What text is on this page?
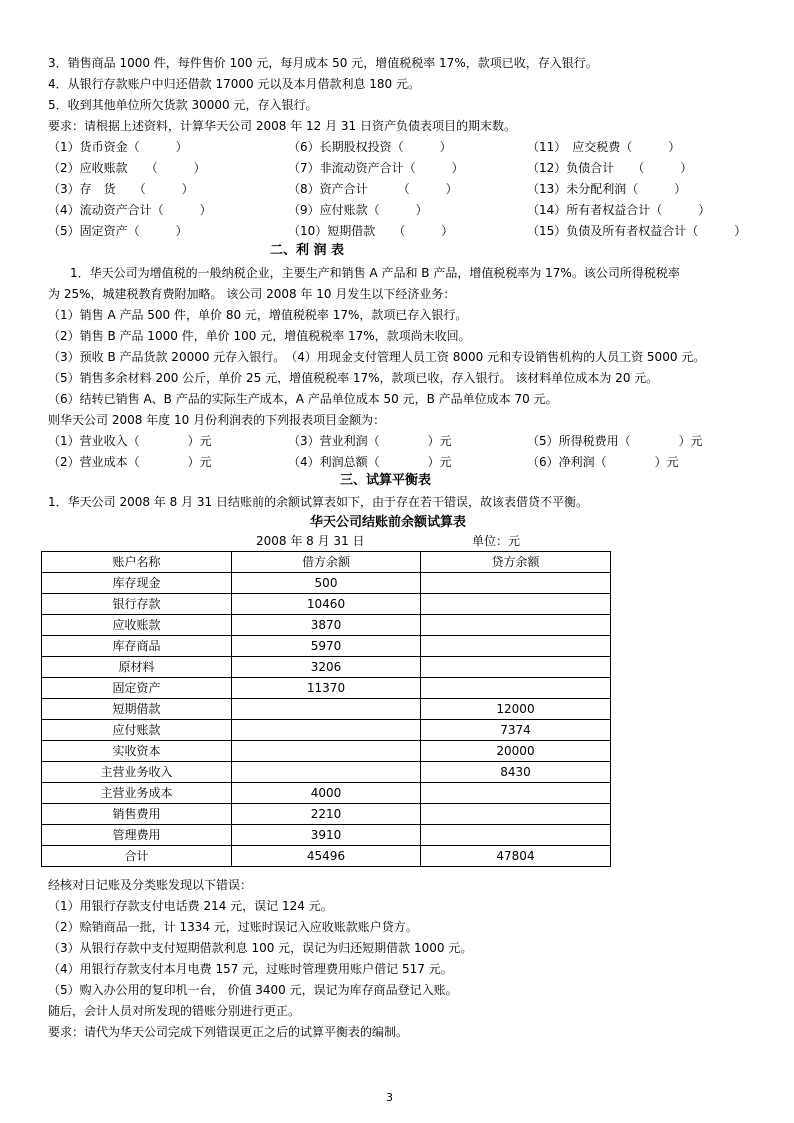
3．销售商品 1000 件，每件售价 100 元，每月成本 50 元，增值税税率 17%，款项已收，存入银行。
4．从银行存款账户中归还借款 17000 元以及本月借款利息 180 元。
5．收到其他单位所欠货款 30000 元，存入银行。
要求：请根据上述资料，计算华天公司 2008 年 12 月 31 日资产负债表项目的期末数。
（1）货币资金（　　　）	（6）长期股权投资（　　　）	（11）　应交税费（　　　）
（2）应收账款　　（　　　）	（7）非流动资产合计（　　　）	（12）负债合计　　（　　　）
（3）存　货　　（　　　）	（8）资产合计　　　（　　　）	（13）未分配利润（　　　）
（4）流动资产合计（　　　）	（9）应付账款（　　　）	（14）所有者权益合计（　　　）
（5）固定资产（　　　）	（10）短期借款　　（　　　）	（15）负债及所有者权益合计（　　　）
二、利 润 表
1．华天公司为增值税的一般纳税企业，主要生产和销售 A 产品和 B 产品，增值税税率为 17%。该公司所得税税率
为 25%，城建税教育费附加略。 该公司 2008 年 10 月发生以下经济业务：
（1）销售 A 产品 500 件，单价 80 元，增值税税率 17%，款项已存入银行。
（2）销售 B 产品 1000 件，单价 100 元，增值税税率 17%，款项尚未收回。
（3）预收 B 产品货款 20000 元存入银行。　（4）用现金支付管理人员工资 8000 元和专设销售机构的人员工资 5000 元。
（5）销售多余材料 200 公斤，单价 25 元，增值税税率 17%，款项已收，存入银行。 该材料单位成本为 20 元。
（6）结转已销售 A、B 产品的实际生产成本，A 产品单位成本 50 元，B 产品单位成本 70 元。
则华天公司 2008 年度 10 月份利润表的下列报表项目金额为：
（1）营业收入（　　　　）元	（3）营业利润（　　　　）元	（5）所得税费用（　　　　）元
（2）营业成本（　　　　）元	（4）利润总额（　　　　）元	（6）净利润（　　　　）元
三、试算平衡表
1．华天公司 2008 年 8 月 31 日结账前的余额试算表如下，由于存在若干错误，故该表借贷不平衡。
华天公司结账前余额试算表
2008 年 8 月 31 日	单位：元
账户名称	借方余额	贷方余额
库存现金	500	
银行存款	10460	
应收账款	3870	
库存商品	5970	
原材料	3206	
固定资产	11370	
短期借款		12000
应付账款		7374
实收资本		20000
主营业务收入		8430
主营业务成本	4000	
销售费用	2210	
管理费用	3910	
合计	45496	47804
经核对日记账及分类账发现以下错误：
（1）用银行存款支付电话费 214 元，误记 124 元。
（2）赊销商品一批，计 1334 元，过账时误记入应收账款账户贷方。
（3）从银行存款中支付短期借款利息 100 元，误记为归还短期借款 1000 元。
（4）用银行存款支付本月电费 157 元，过账时管理费用账户借记 517 元。
（5）购入办公用的复印机一台， 价值 3400 元，误记为库存商品登记入账。
随后，会计人员对所发现的错账分别进行更正。
要求：请代为华天公司完成下列错误更正之后的试算平衡表的编制。
3
